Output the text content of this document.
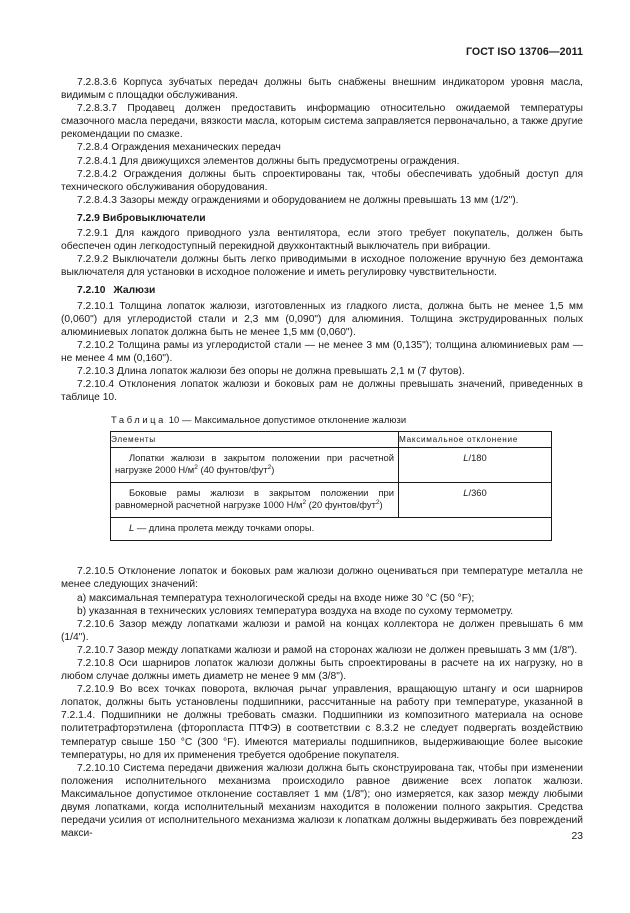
ГОСТ ISO 13706—2011

7.2.8.3.6 Корпуса зубчатых передач должны быть снабжены внешним индикатором уровня масла, видимым с площадки обслуживания.

7.2.8.3.7 Продавец должен предоставить информацию относительно ожидаемой температуры смазочного масла передачи, вязкости масла, которым система заправляется первоначально, а также другие рекомендации по смазке.

7.2.8.4 Ограждения механических передач

7.2.8.4.1 Для движущихся элементов должны быть предусмотрены ограждения.

7.2.8.4.2 Ограждения должны быть спроектированы так, чтобы обеспечивать удобный доступ для технического обслуживания оборудования.

7.2.8.4.3 Зазоры между ограждениями и оборудованием не должны превышать 13 мм (1/2").

7.2.9 Вибровыключатели

7.2.9.1 Для каждого приводного узла вентилятора, если этого требует покупатель, должен быть обеспечен один легкодоступный перекидной двухконтактный выключатель при вибрации.

7.2.9.2 Выключатели должны быть легко приводимыми в исходное положение вручную без демонтажа выключателя для установки в исходное положение и иметь регулировку чувствительности.

7.2.10 Жалюзи

7.2.10.1 Толщина лопаток жалюзи, изготовленных из гладкого листа, должна быть не менее 1,5 мм (0,060") для углеродистой стали и 2,3 мм (0,090") для алюминия. Толщина экструдированных полых алюминиевых лопаток должна быть не менее 1,5 мм (0,060").

7.2.10.2 Толщина рамы из углеродистой стали — не менее 3 мм (0,135"); толщина алюминиевых рам — не менее 4 мм (0,160").

7.2.10.3 Длина лопаток жалюзи без опоры не должна превышать 2,1 м (7 футов).

7.2.10.4 Отклонения лопаток жалюзи и боковых рам не должны превышать значений, приведенных в таблице 10.

Таблица 10 — Максимальное допустимое отклонение жалюзи

Элементы	Максимальное отклонение
Лопатки жалюзи в закрытом положении при расчетной нагрузке 2000 $Н/м^2$ (40 фунтов/фут$^2$)	L/180
Боковые рамы жалюзи в закрытом положении при равномерной расчетной нагрузке 1000 $Н/м^2$ (20 фунтов/фут$^2$)	L/360
L — длина пролета между точками опоры.	

7.2.10.5 Отклонение лопаток и боковых рам жалюзи должно оцениваться при температуре металла не менее следующих значений:

a) максимальная температура технологической среды на входе ниже 30 °C (50 °F);

b) указанная в технических условиях температура воздуха на входе по сухому термометру.

7.2.10.6 Зазор между лопатками жалюзи и рамой на концах коллектора не должен превышать 6 мм (1/4").

7.2.10.7 Зазор между лопатками жалюзи и рамой на сторонах жалюзи не должен превышать 3 мм (1/8").

7.2.10.8 Оси шарниров лопаток жалюзи должны быть спроектированы в расчете на их нагрузку, но в любом случае должны иметь диаметр не менее 9 мм (3/8").

7.2.10.9 Во всех точках поворота, включая рычаг управления, вращающую штангу и оси шарниров лопаток, должны быть установлены подшипники, рассчитанные на работу при температуре, указанной в 7.2.1.4. Подшипники не должны требовать смазки. Подшипники из композитного материала на основе политетрафторэтилена (фторопласта ПТФЭ) в соответствии с 8.3.2 не следует подвергать воздействию температур свыше 150 °C (300 °F). Имеются материалы подшипников, выдерживающие более высокие температуры, но для их применения требуется одобрение покупателя.

7.2.10.10 Система передачи движения жалюзи должна быть сконструирована так, чтобы при изменении положения исполнительного механизма происходило равное движение всех лопаток жалюзи. Максимальное допустимое отклонение составляет 1 мм (1/8"); оно измеряется, как зазор между любыми двумя лопатками, когда исполнительный механизм находится в положении полного закрытия. Средства передачи усилия от исполнительного механизма жалюзи к лопаткам должны выдерживать без повреждений макси-	23
